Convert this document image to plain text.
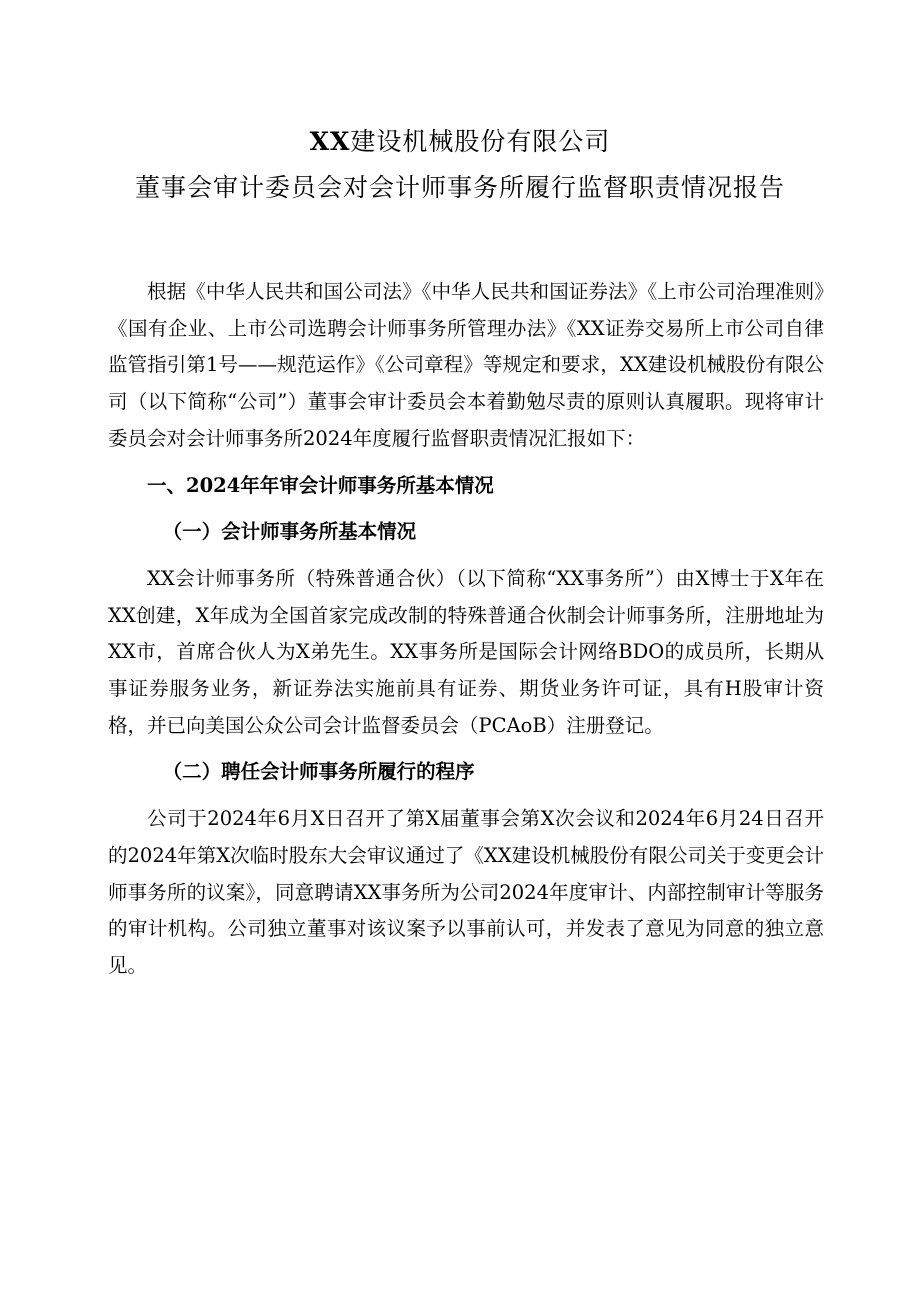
XX建设机械股份有限公司

董事会审计委员会对会计师事务所履行监督职责情况报告

根据《中华人民共和国公司法》《中华人民共和国证券法》《上市公司治理准则》《国有企业、上市公司选聘会计师事务所管理办法》《XX证券交易所上市公司自律监管指引第1号——规范运作》《公司章程》等规定和要求，XX建设机械股份有限公司（以下简称“公司”）董事会审计委员会本着勤勉尽责的原则认真履职。现将审计委员会对会计师事务所2024年度履行监督职责情况汇报如下：

一、2024年年审会计师事务所基本情况

（一）会计师事务所基本情况

XX会计师事务所（特殊普通合伙）（以下简称“XX事务所”）由X博士于X年在XX创建，X年成为全国首家完成改制的特殊普通合伙制会计师事务所，注册地址为XX市，首席合伙人为X弟先生。XX事务所是国际会计网络BDO的成员所，长期从事证券服务业务，新证券法实施前具有证券、期货业务许可证，具有H股审计资格，并已向美国公众公司会计监督委员会（PCAoB）注册登记。

（二）聘任会计师事务所履行的程序

公司于2024年6月X日召开了第X届董事会第X次会议和2024年6月24日召开的2024年第X次临时股东大会审议通过了《XX建设机械股份有限公司关于变更会计师事务所的议案》，同意聘请XX事务所为公司2024年度审计、内部控制审计等服务的审计机构。公司独立董事对该议案予以事前认可，并发表了意见为同意的独立意见。
